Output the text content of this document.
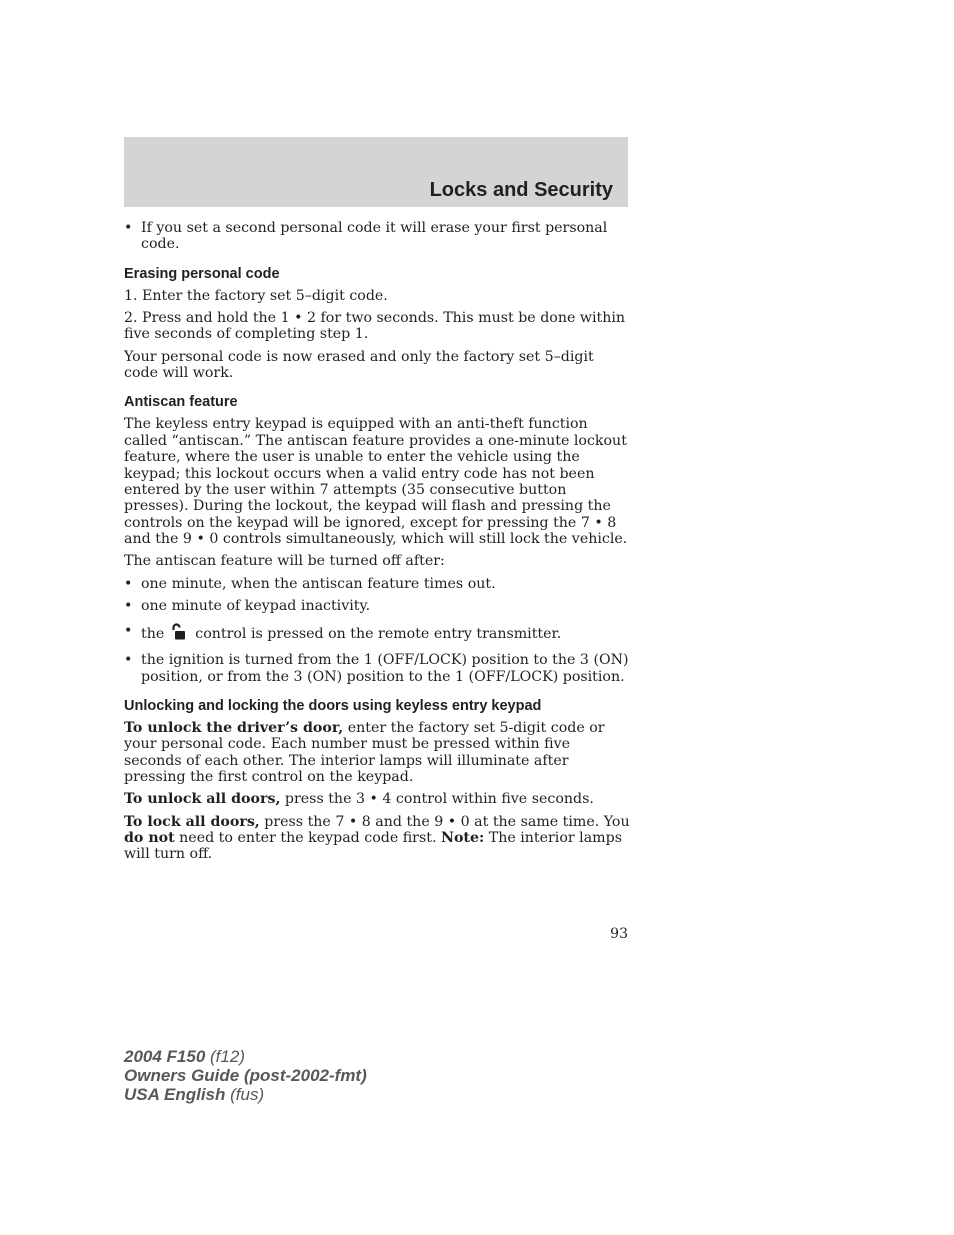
Locks and Security
• If you set a second personal code it will erase your first personal code.
Erasing personal code

1. Enter the factory set 5–digit code.

2. Press and hold the 1 • 2 for two seconds. This must be done within five seconds of completing step 1.

Your personal code is now erased and only the factory set 5–digit code will work.

Antiscan feature

The keyless entry keypad is equipped with an anti-theft function called “antiscan.” The antiscan feature provides a one-minute lockout feature, where the user is unable to enter the vehicle using the keypad; this lockout occurs when a valid entry code has not been entered by the user within 7 attempts (35 consecutive button presses). During the lockout, the keypad will flash and pressing the controls on the keypad will be ignored, except for pressing the 7 • 8 and the 9 • 0 controls simultaneously, which will still lock the vehicle.

The antiscan feature will be turned off after:

• one minute, when the antiscan feature times out.
• one minute of keypad inactivity.
• the control is pressed on the remote entry transmitter.
• the ignition is turned from the 1 (OFF/LOCK) position to the 3 (ON) position, or from the 3 (ON) position to the 1 (OFF/LOCK) position.
Unlocking and locking the doors using keyless entry keypad

To unlock the driver’s door, enter the factory set 5-digit code or your personal code. Each number must be pressed within five seconds of each other. The interior lamps will illuminate after pressing the first control on the keypad.

To unlock all doors, press the 3 • 4 control within five seconds.

To lock all doors, press the 7 • 8 and the 9 • 0 at the same time. You do not need to enter the keypad code first. Note: The interior lamps will turn off.

93
2004 F150 (f12)
Owners Guide (post-2002-fmt)
USA English (fus)
